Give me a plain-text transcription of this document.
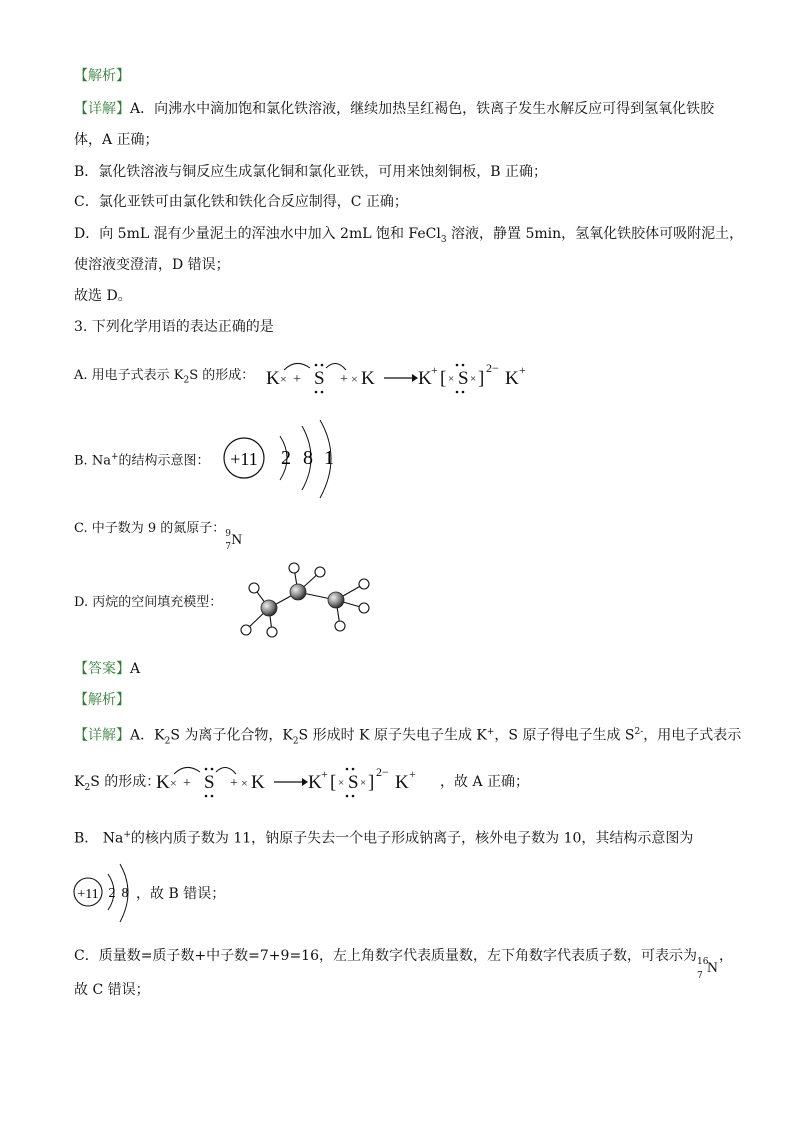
【解析】
【详解】A．向沸水中滴加饱和氯化铁溶液，继续加热呈红褐色，铁离子发生水解反应可得到氢氧化铁胶
体，A 正确；
B．氯化铁溶液与铜反应生成氯化铜和氯化亚铁，可用来蚀刻铜板，B 正确；
C．氯化亚铁可由氯化铁和铁化合反应制得，C 正确；
D．向 5mL 混有少量泥土的浑浊水中加入 2mL 饱和 FeCl$_3$ 溶液，静置 5min，氢氧化铁胶体可吸附泥土，
使溶液变澄清，D 错误；
故选 D。
3. 下列化学用语的表达正确的是
A. 用电子式表示 $K_2S$ 的形成： K × + S + × K K + [ × S × ] 2− K +
B. Na+的结构示意图： +11 2 8 1
C. 中子数为 9 的氮原子： 9
7 N
D. 丙烷的空间填充模型：
【答案】A
【解析】
【详解】A．$K_2S$ 为离子化合物，$K_2S$ 形成时 K 原子失电子生成 K+，S 原子得电子生成 $S^{2-}$，用电子式表示
$K_2S$ 的形成：
K × + S + × K K + [ × S × ] 2− K + ，故 A 正确；
B． Na+的核内质子数为 11，钠原子失去一个电子形成钠离子，核外电子数为 10，其结构示意图为
+11 2 8 ，故 B 错误；
C．质量数=质子数+中子数=7+9=16，左上角数字代表质量数，左下角数字代表质子数，可表示为 16
7 N
，
故 C 错误；
